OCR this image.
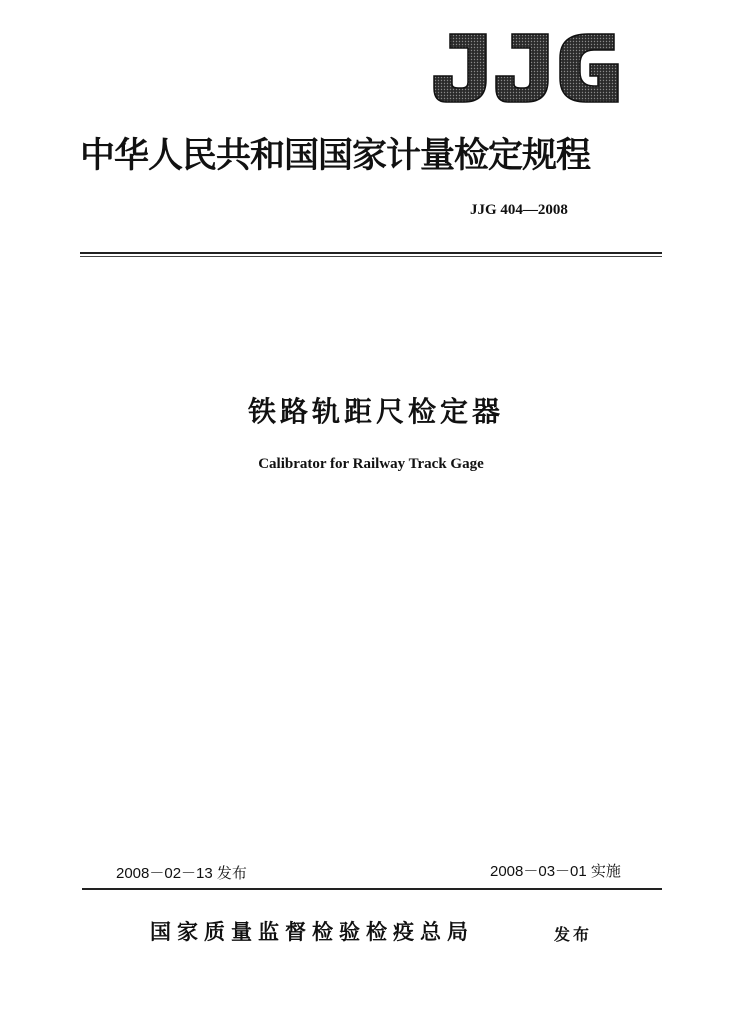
中华人民共和国国家计量检定规程
JJG 404—2008
铁路轨距尺检定器
Calibrator for Railway Track Gage
2008－02－13 发布	2008－03－01 实施
国家质量监督检验检疫总局	发布
